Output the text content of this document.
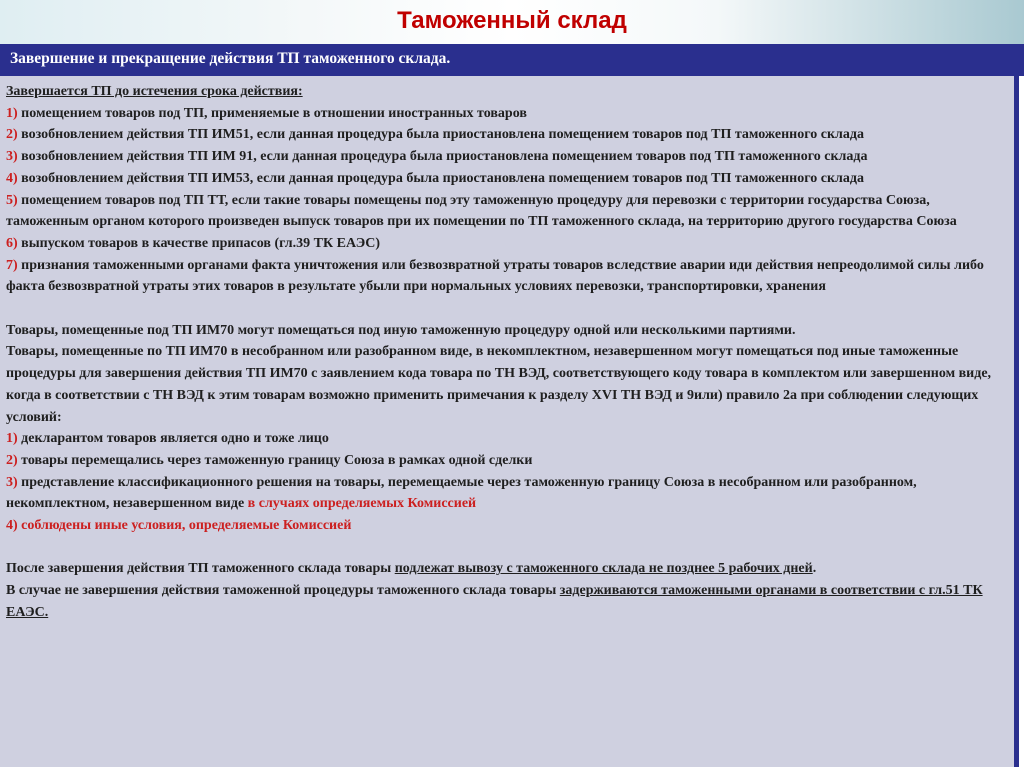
Таможенный склад
Завершение и прекращение действия ТП таможенного склада.
Завершается ТП до истечения срока действия:
1) помещением товаров под ТП, применяемые в отношении иностранных товаров
2) возобновлением действия ТП ИМ51, если данная процедура была приостановлена помещением товаров под ТП таможенного склада
3) возобновлением действия ТП ИМ 91, если данная процедура была приостановлена помещением товаров под ТП таможенного склада
4) возобновлением действия ТП ИМ53, если данная процедура была приостановлена помещением товаров под ТП таможенного склада
5) помещением товаров под ТП ТТ, если такие товары помещены под эту таможенную процедуру для перевозки с территории государства Союза, таможенным органом которого произведен выпуск товаров при их помещении по ТП таможенного склада, на территорию другого государства Союза
6) выпуском товаров в качестве припасов (гл.39 ТК ЕАЭС)
7) признания таможенными органами факта уничтожения или безвозвратной утраты товаров вследствие аварии иди действия непреодолимой силы либо факта безвозвратной утраты этих товаров в результате убыли при нормальных условиях перевозки, транспортировки, хранения
Товары, помещенные под ТП ИМ70 могут помещаться под иную таможенную процедуру одной или несколькими партиями.
Товары, помещенные по ТП ИМ70 в несобранном или разобранном виде, в некомплектном, незавершенном могут помещаться под иные таможенные процедуры для завершения действия ТП ИМ70 с заявлением кода товара по ТН ВЭД, соответствующего коду товара в комплектом или завершенном виде, когда в соответствии с ТН ВЭД к этим товарам возможно применить примечания к разделу XVI ТН ВЭД и 9или) правило 2а при соблюдении следующих условий:
1) декларантом товаров является одно и тоже лицо
2) товары перемещались через таможенную границу Союза в рамках одной сделки
3) представление классификационного решения на товары, перемещаемые через таможенную границу Союза в несобранном или разобранном, некомплектном, незавершенном виде в случаях определяемых Комиссией
4) соблюдены иные условия, определяемые Комиссией
После завершения действия ТП таможенного склада товары подлежат вывозу с таможенного склада не позднее 5 рабочих дней.
В случае не завершения действия таможенной процедуры таможенного склада товары задерживаются таможенными органами в соответствии с гл.51 ТК ЕАЭС.
